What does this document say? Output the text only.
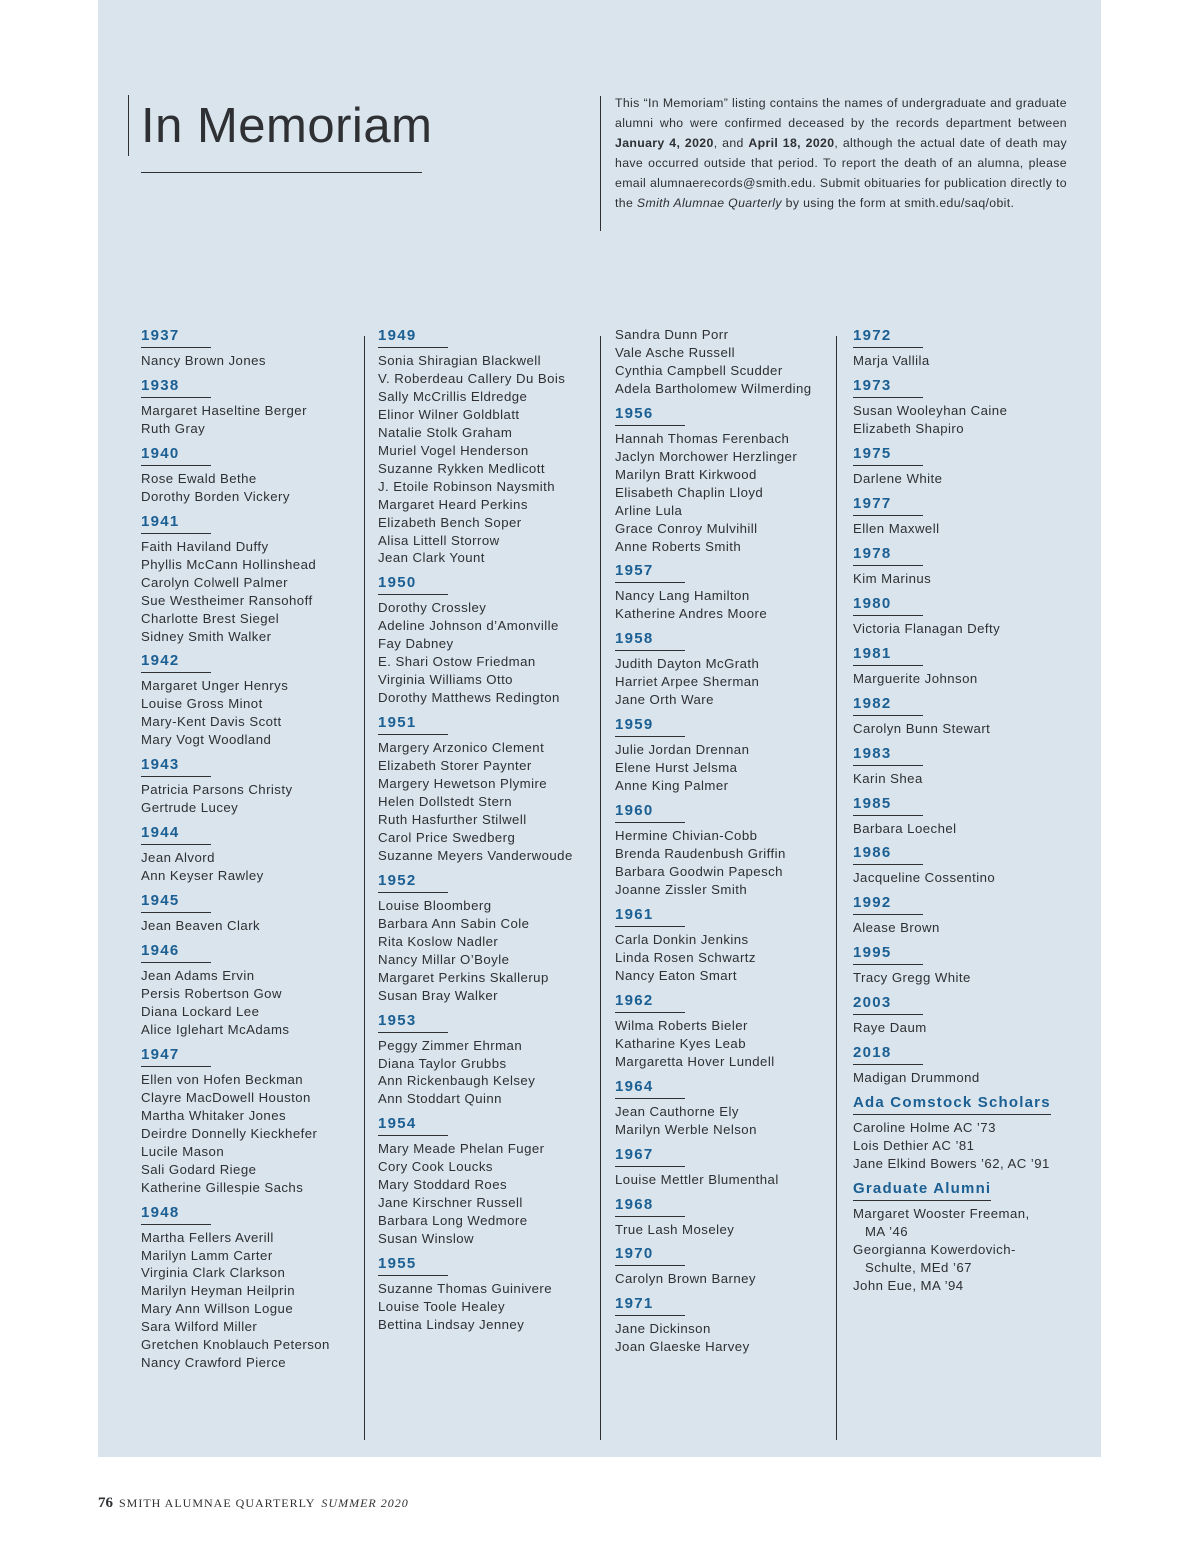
In Memoriam	This “In Memoriam” listing contains the names of undergraduate and graduate alumni who were confirmed deceased by the records department between January 4, 2020, and April 18, 2020, although the actual date of death may have occurred outside that period. To report the death of an alumna, please email alumnaerecords@smith.edu. Submit obituaries for publication directly to the Smith Alumnae Quarterly by using the form at smith.edu/saq/obit.
1937
Nancy Brown Jones
1938
Margaret Haseltine Berger
Ruth Gray
1940
Rose Ewald Bethe
Dorothy Borden Vickery
1941
Faith Haviland Duffy
Phyllis McCann Hollinshead
Carolyn Colwell Palmer
Sue Westheimer Ransohoff
Charlotte Brest Siegel
Sidney Smith Walker
1942
Margaret Unger Henrys
Louise Gross Minot
Mary-Kent Davis Scott
Mary Vogt Woodland
1943
Patricia Parsons Christy
Gertrude Lucey
1944
Jean Alvord
Ann Keyser Rawley
1945
Jean Beaven Clark
1946
Jean Adams Ervin
Persis Robertson Gow
Diana Lockard Lee
Alice Iglehart McAdams
1947
Ellen von Hofen Beckman
Clayre MacDowell Houston
Martha Whitaker Jones
Deirdre Donnelly Kieckhefer
Lucile Mason
Sali Godard Riege
Katherine Gillespie Sachs
1948
Martha Fellers Averill
Marilyn Lamm Carter
Virginia Clark Clarkson
Marilyn Heyman Heilprin
Mary Ann Willson Logue
Sara Wilford Miller
Gretchen Knoblauch Peterson
Nancy Crawford Pierce
1949
Sonia Shiragian Blackwell
V. Roberdeau Callery Du Bois
Sally McCrillis Eldredge
Elinor Wilner Goldblatt
Natalie Stolk Graham
Muriel Vogel Henderson
Suzanne Rykken Medlicott
J. Etoile Robinson Naysmith
Margaret Heard Perkins
Elizabeth Bench Soper
Alisa Littell Storrow
Jean Clark Yount
1950
Dorothy Crossley
Adeline Johnson d’Amonville
Fay Dabney
E. Shari Ostow Friedman
Virginia Williams Otto
Dorothy Matthews Redington
1951
Margery Arzonico Clement
Elizabeth Storer Paynter
Margery Hewetson Plymire
Helen Dollstedt Stern
Ruth Hasfurther Stilwell
Carol Price Swedberg
Suzanne Meyers Vanderwoude
1952
Louise Bloomberg
Barbara Ann Sabin Cole
Rita Koslow Nadler
Nancy Millar O’Boyle
Margaret Perkins Skallerup
Susan Bray Walker
1953
Peggy Zimmer Ehrman
Diana Taylor Grubbs
Ann Rickenbaugh Kelsey
Ann Stoddart Quinn
1954
Mary Meade Phelan Fuger
Cory Cook Loucks
Mary Stoddard Roes
Jane Kirschner Russell
Barbara Long Wedmore
Susan Winslow
1955
Suzanne Thomas Guinivere
Louise Toole Healey
Bettina Lindsay Jenney
Sandra Dunn Porr
Vale Asche Russell
Cynthia Campbell Scudder
Adela Bartholomew Wilmerding
1956
Hannah Thomas Ferenbach
Jaclyn Morchower Herzlinger
Marilyn Bratt Kirkwood
Elisabeth Chaplin Lloyd
Arline Lula
Grace Conroy Mulvihill
Anne Roberts Smith
1957
Nancy Lang Hamilton
Katherine Andres Moore
1958
Judith Dayton McGrath
Harriet Arpee Sherman
Jane Orth Ware
1959
Julie Jordan Drennan
Elene Hurst Jelsma
Anne King Palmer
1960
Hermine Chivian-Cobb
Brenda Raudenbush Griffin
Barbara Goodwin Papesch
Joanne Zissler Smith
1961
Carla Donkin Jenkins
Linda Rosen Schwartz
Nancy Eaton Smart
1962
Wilma Roberts Bieler
Katharine Kyes Leab
Margaretta Hover Lundell
1964
Jean Cauthorne Ely
Marilyn Werble Nelson
1967
Louise Mettler Blumenthal
1968
True Lash Moseley
1970
Carolyn Brown Barney
1971
Jane Dickinson
Joan Glaeske Harvey
1972
Marja Vallila
1973
Susan Wooleyhan Caine
Elizabeth Shapiro
1975
Darlene White
1977
Ellen Maxwell
1978
Kim Marinus
1980
Victoria Flanagan Defty
1981
Marguerite Johnson
1982
Carolyn Bunn Stewart
1983
Karin Shea
1985
Barbara Loechel
1986
Jacqueline Cossentino
1992
Alease Brown
1995
Tracy Gregg White
2003
Raye Daum
2018
Madigan Drummond
Ada Comstock Scholars
Caroline Holme AC ’73
Lois Dethier AC ’81
Jane Elkind Bowers ’62, AC ’91
Graduate Alumni
Margaret Wooster Freeman,
MA ’46
Georgianna Kowerdovich-
Schulte, MEd ’67
John Eue, MA ’94
76 SMITH ALUMNAE QUARTERLY SUMMER 2020
